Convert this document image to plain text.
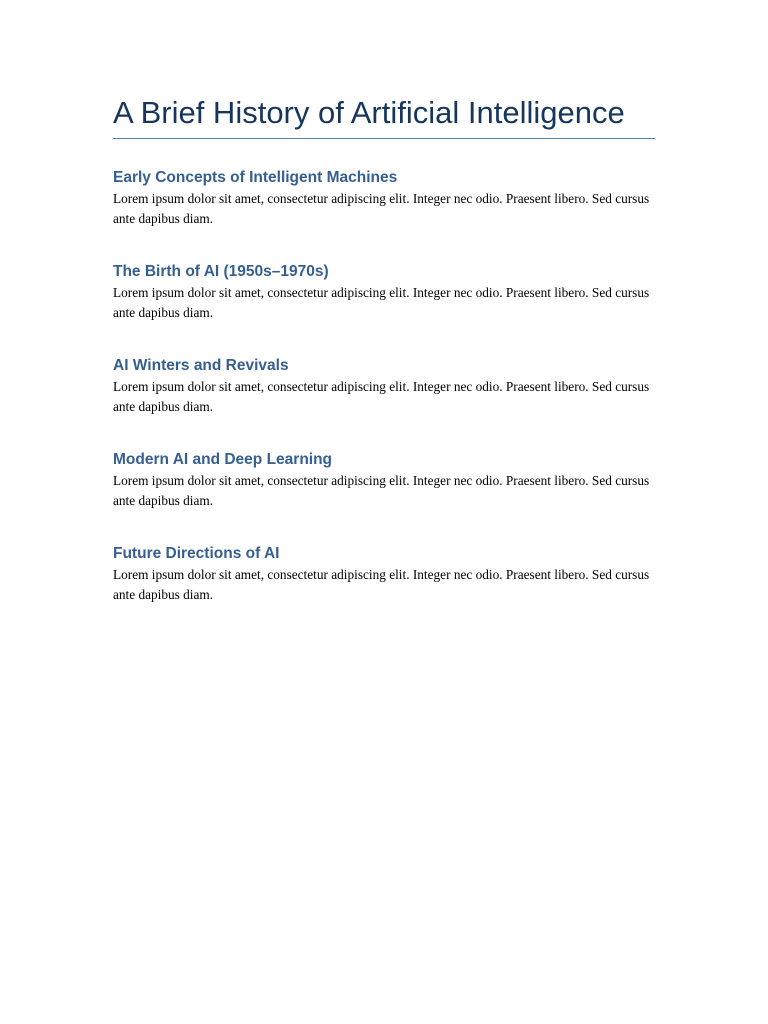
A Brief History of Artificial Intelligence
Early Concepts of Intelligent Machines

Lorem ipsum dolor sit amet, consectetur adipiscing elit. Integer nec odio. Praesent libero. Sed cursus ante dapibus diam.

The Birth of AI (1950s–1970s)

Lorem ipsum dolor sit amet, consectetur adipiscing elit. Integer nec odio. Praesent libero. Sed cursus ante dapibus diam.

AI Winters and Revivals

Lorem ipsum dolor sit amet, consectetur adipiscing elit. Integer nec odio. Praesent libero. Sed cursus ante dapibus diam.

Modern AI and Deep Learning

Lorem ipsum dolor sit amet, consectetur adipiscing elit. Integer nec odio. Praesent libero. Sed cursus ante dapibus diam.

Future Directions of AI

Lorem ipsum dolor sit amet, consectetur adipiscing elit. Integer nec odio. Praesent libero. Sed cursus ante dapibus diam.
